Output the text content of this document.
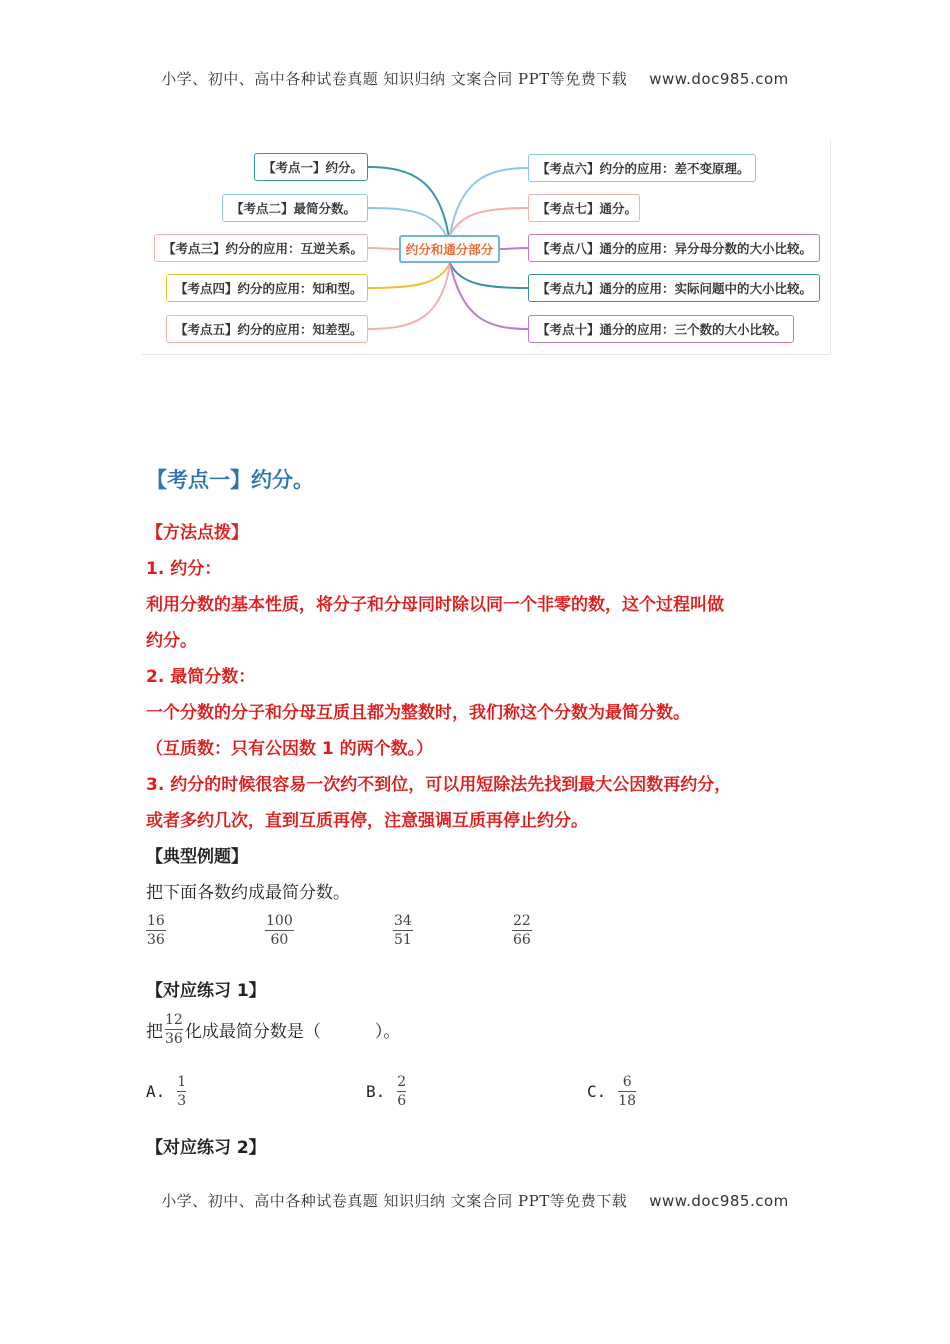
小学、初中、高中各种试卷真题 知识归纳 文案合同 PPT等免费下载 www.doc985.com
【考点一】约分。
【考点二】最简分数。
【考点三】约分的应用：互逆关系。
【考点四】约分的应用：知和型。
【考点五】约分的应用：知差型。
约分和通分部分
【考点六】约分的应用：差不变原理。
【考点七】通分。
【考点八】通分的应用：异分母分数的大小比较。
【考点九】通分的应用：实际问题中的大小比较。
【考点十】通分的应用：三个数的大小比较。
【考点一】约分。
【方法点拨】
1. 约分：
利用分数的基本性质，将分子和分母同时除以同一个非零的数，这个过程叫做
约分。
2. 最简分数：
一个分数的分子和分母互质且都为整数时，我们称这个分数为最简分数。
（互质数：只有公因数 1 的两个数。）
3. 约分的时候很容易一次约不到位，可以用短除法先找到最大公因数再约分，
或者多约几次，直到互质再停，注意强调互质再停止约分。
【典型例题】
把下面各数约成最简分数。
16
36
100
60
34
51
22
66
【对应练习 1】
把 $\frac{12}{36}$ 化成最简分数是（          ）。
A. $\frac{1}{3}$	B. $\frac{2}{6}$	C. $\frac{6}{18}$
【对应练习 2】
小学、初中、高中各种试卷真题 知识归纳 文案合同 PPT等免费下载 www.doc985.com
